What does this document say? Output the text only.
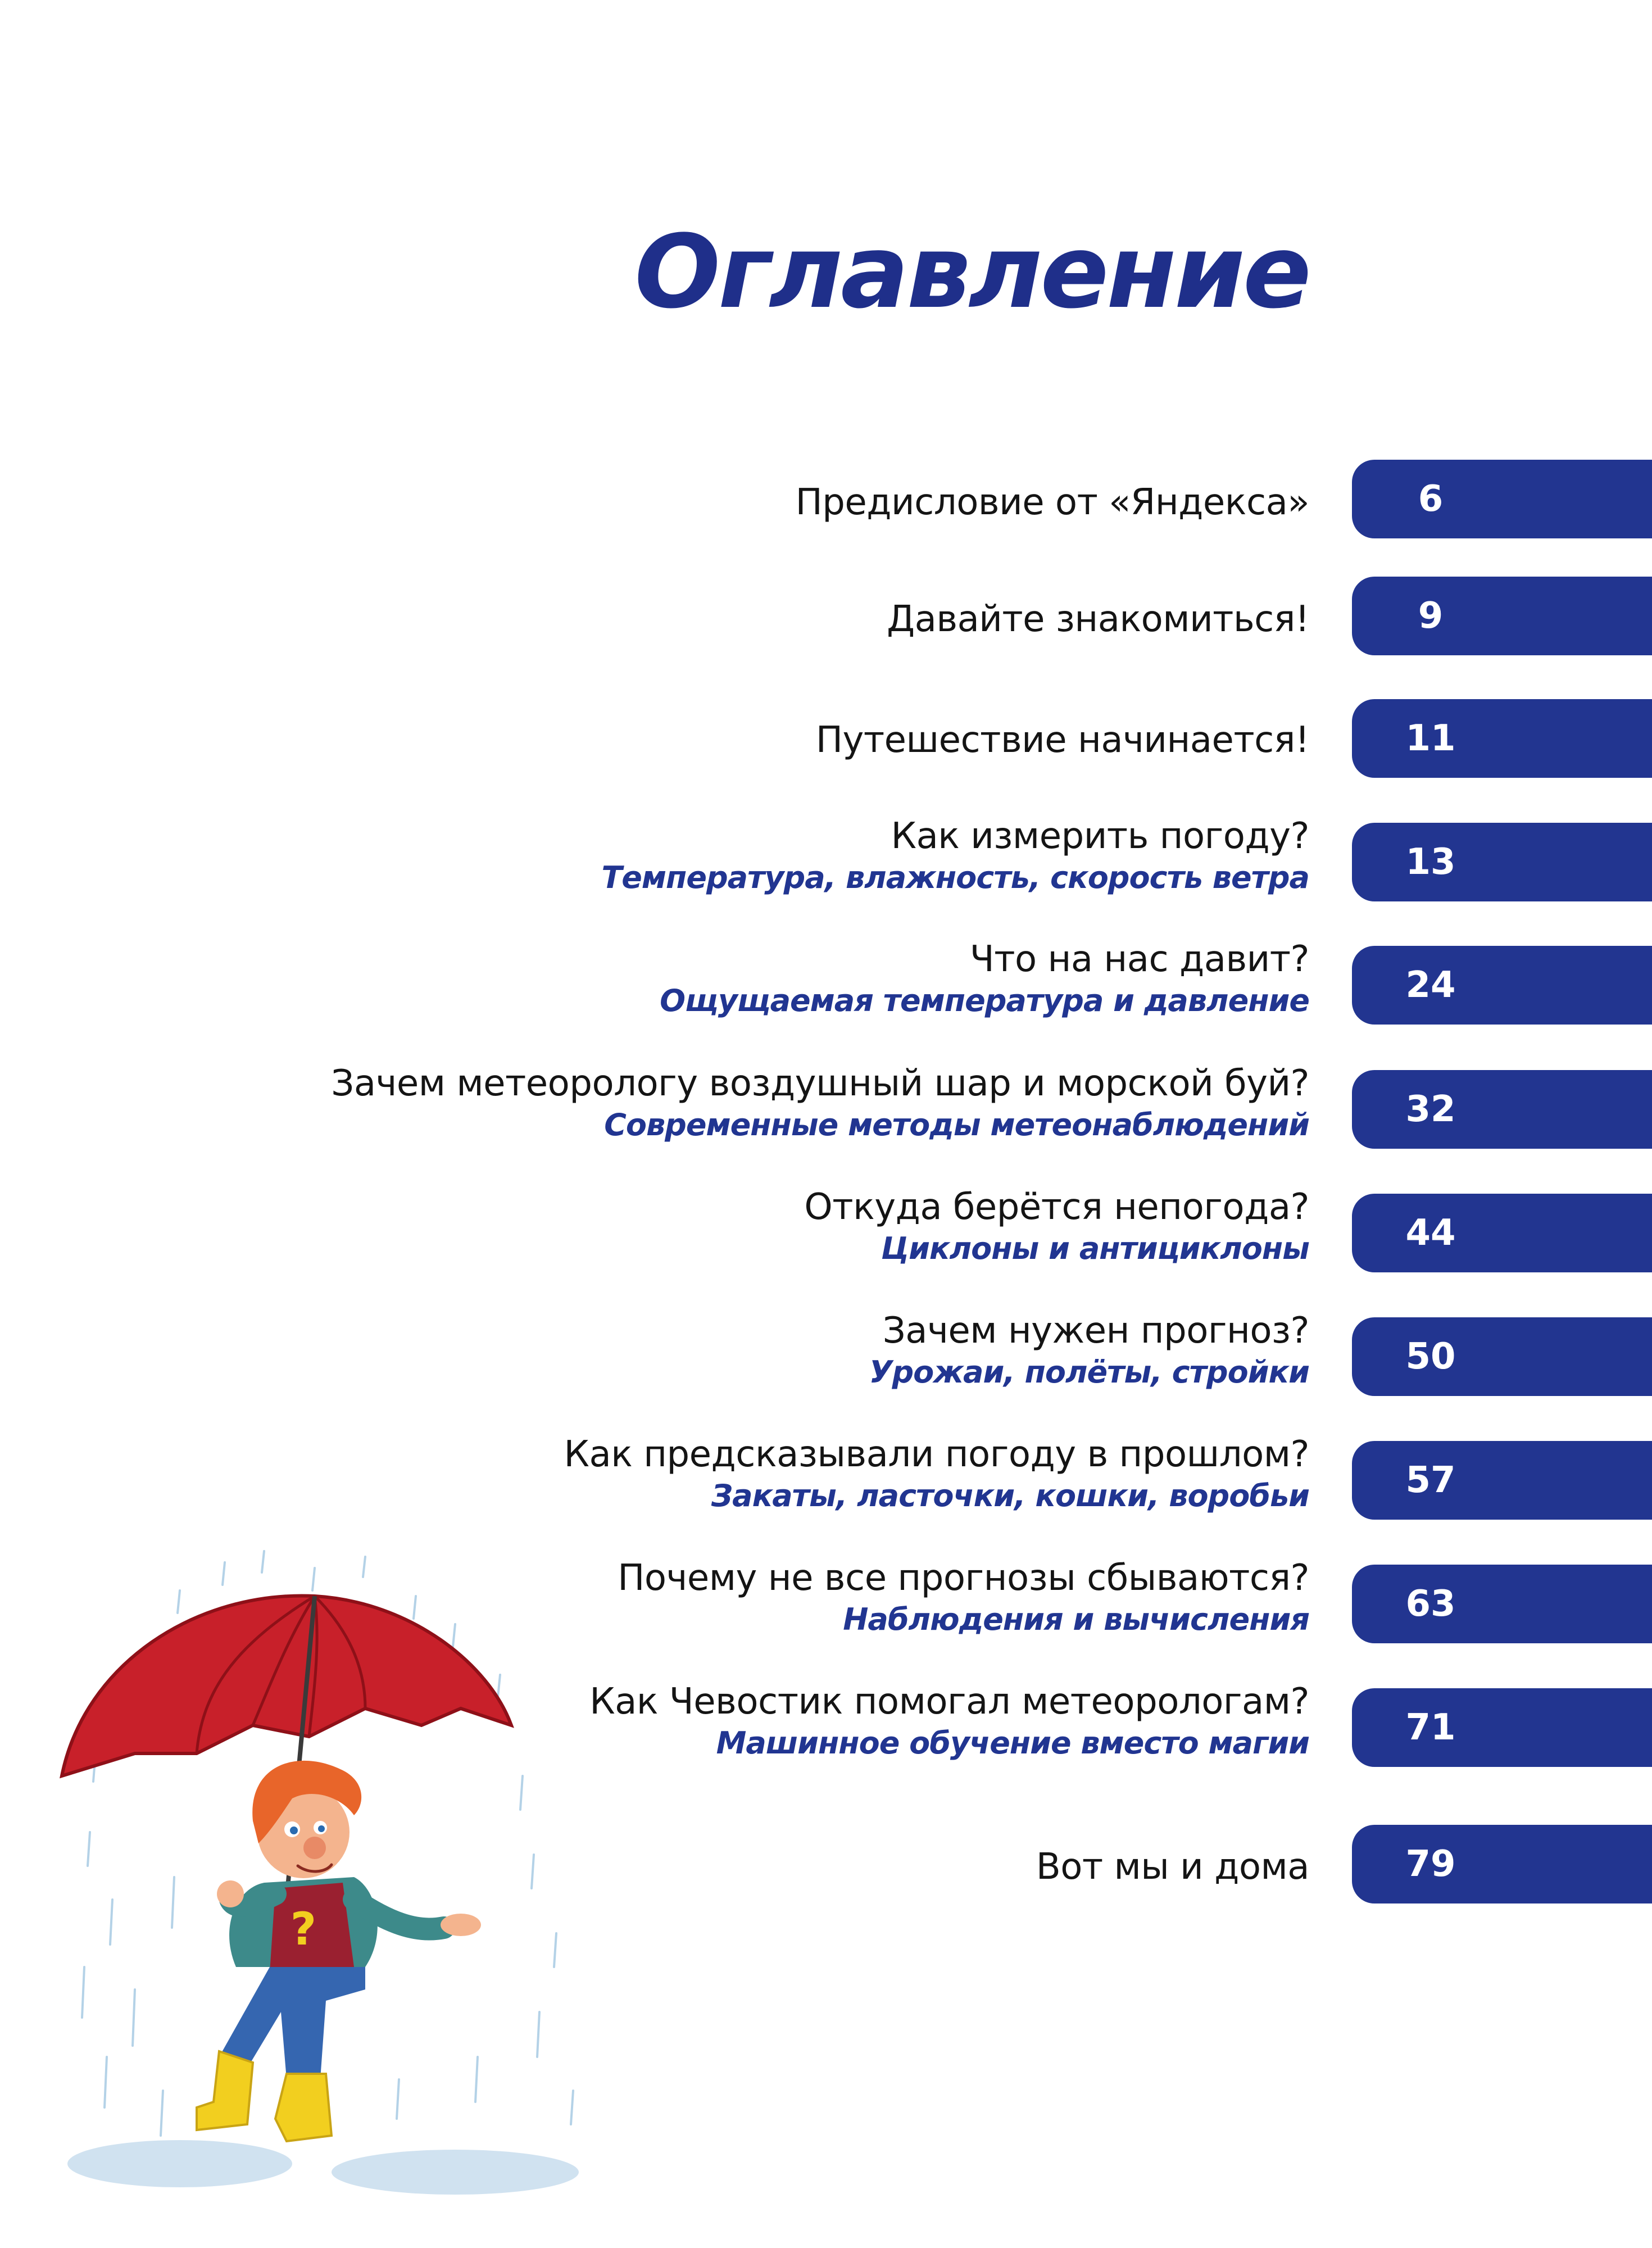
Оглавление
Предисловие от «Яндекса»	6
Давайте знакомиться!	9
Путешествие начинается!	11
Как измерить погоду?
Температура, влажность, скорость ветра	13
Что на нас давит?
Ощущаемая температура и давление	24
Зачем метеорологу воздушный шар и морской буй?
Современные методы метеонаблюдений	32
Откуда берётся непогода?
Циклоны и антициклоны	44
Зачем нужен прогноз?
Урожаи, полёты, стройки	50
Как предсказывали погоду в прошлом?
Закаты, ласточки, кошки, воробьи	57
Почему не все прогнозы сбываются?
Наблюдения и вычисления	63
Как Чевостик помогал метеорологам?
Машинное обучение вместо магии	71
Вот мы и дома	79
?
